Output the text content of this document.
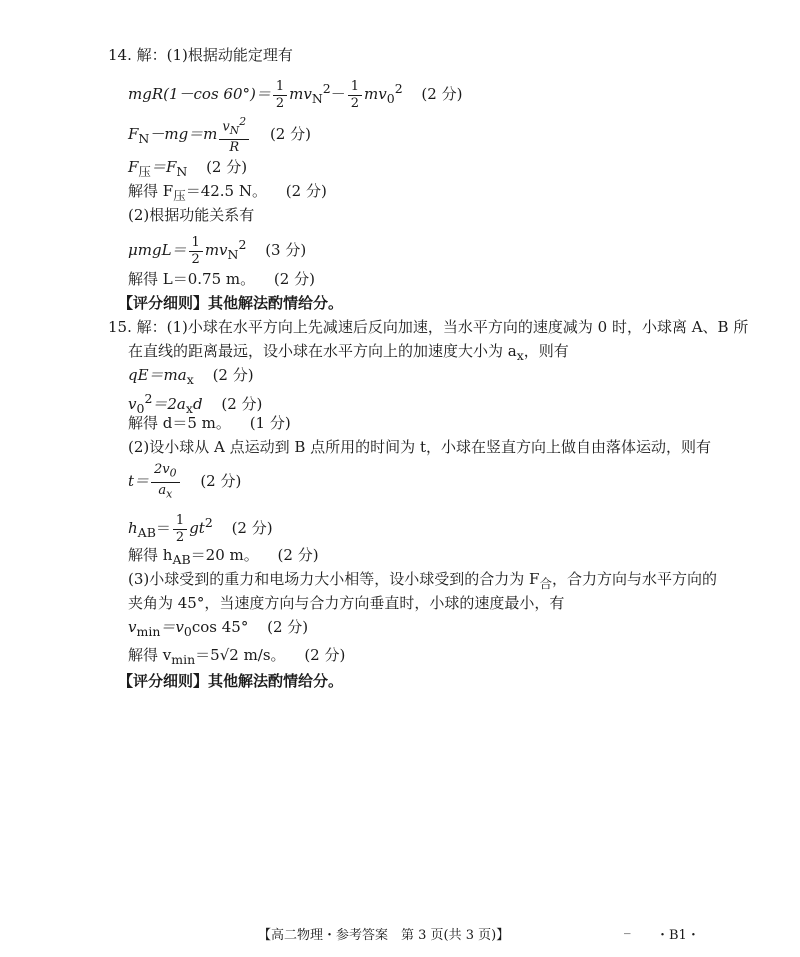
14. 解：(1)根据动能定理有
mgR(1－cos $60^\circ)= \frac{1}{2} mv_N^2- \frac{1}{2} mv_0^2$ (2 分)
$F_N-mg=m \frac{v_N^2}{R} (2$ 分)
$F_压=F_N$ (2 分)
解得 $F_压=42.5$ N。 (2 分)
(2)根据功能关系有
$\mu mgL= \frac{1}{2} mv_N^2$ (3 分)
解得 L＝0.75 m。 (2 分)
【评分细则】其他解法酌情给分。
15. 解：(1)小球在水平方向上先减速后反向加速，当水平方向的速度减为 0 时，小球离 A、B 所
在直线的距离最远，设小球在水平方向上的加速度大小为 $a_x$，则有
$qE=ma_x$ (2 分)
$v_0^2=2a_xd$ (2 分)
解得 d＝5 m。 (1 分)
(2)设小球从 A 点运动到 B 点所用的时间为 t，小球在竖直方向上做自由落体运动，则有
$t= \frac{2v_0}{a_x} (2$ 分)
$h_{AB}= \frac{1}{2} gt^2$ (2 分)
解得 $h_{AB}=20$ m。 (2 分)
(3)小球受到的重力和电场力大小相等，设小球受到的合力为 $F_合$，合力方向与水平方向的
夹角为 45°，当速度方向与合力方向垂直时，小球的速度最小，有
$v_{min}=v_0\cos$ 45° (2 分)
解得 $v_{min}=5√2$ m/s。 (2 分)
【评分细则】其他解法酌情给分。
【高二物理・参考答案　第 3 页(共 3 页)】
_
・B1・
